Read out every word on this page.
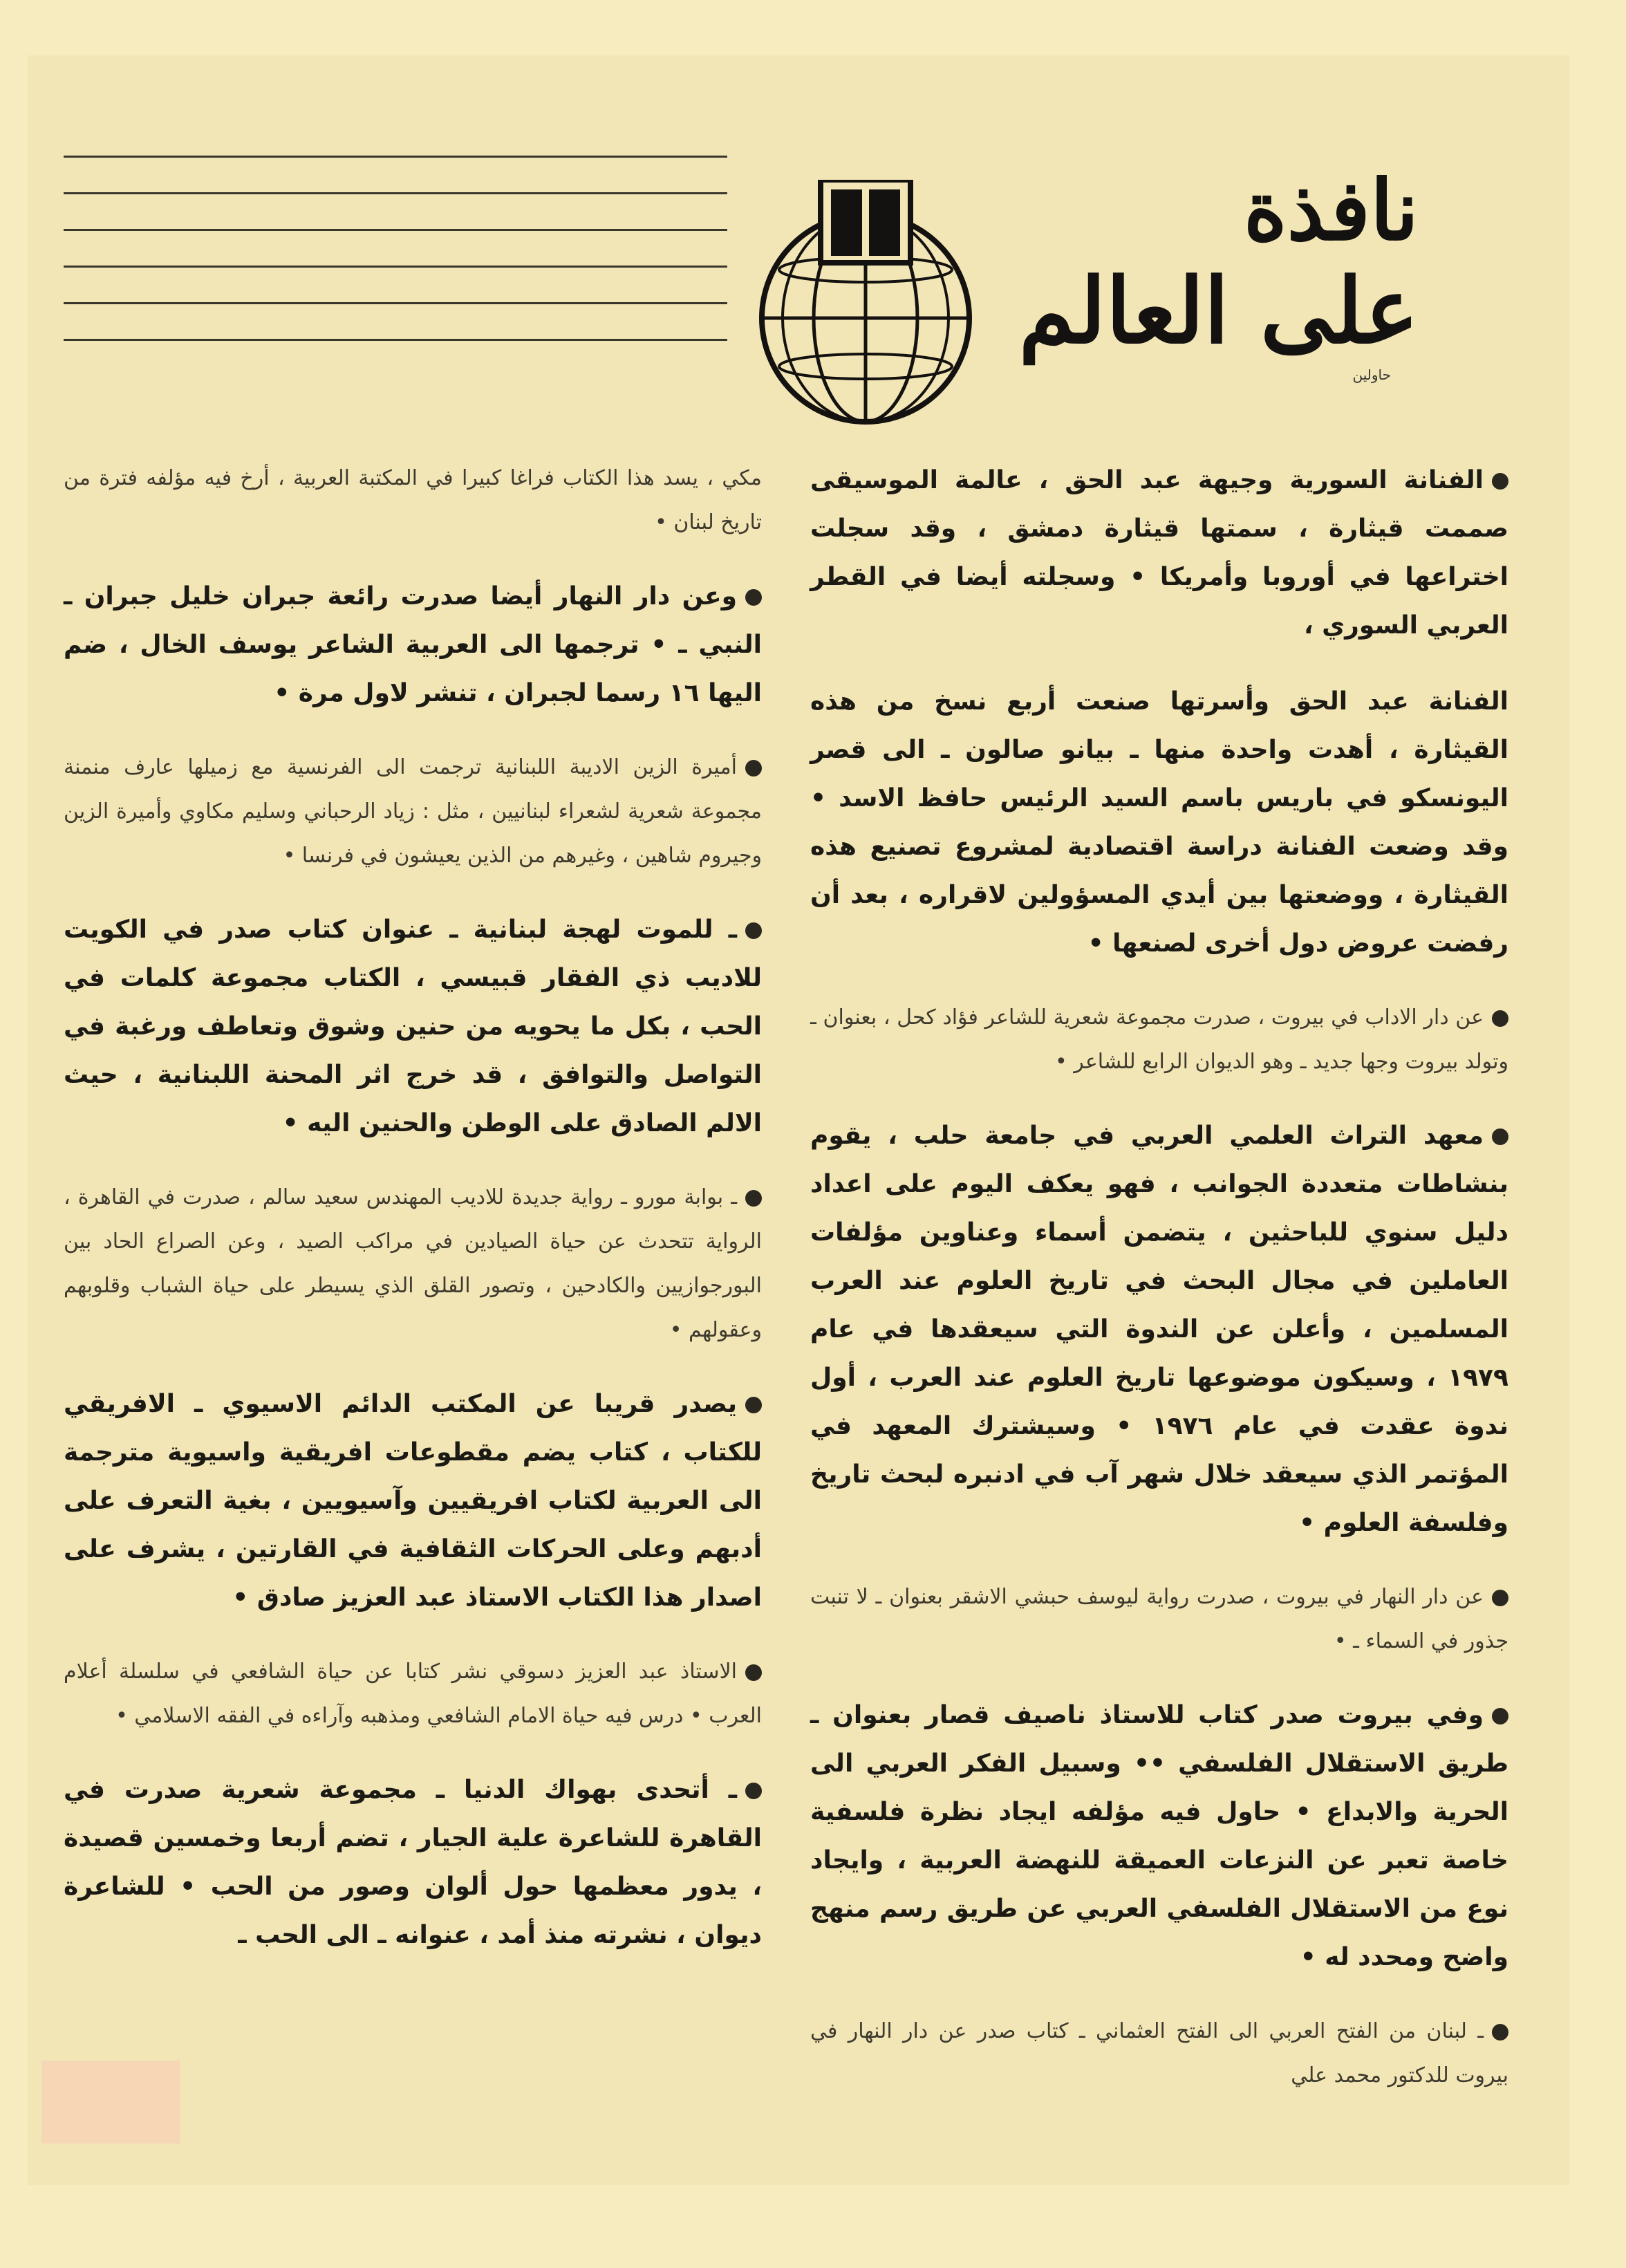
نافذة
على العالم
حاولين

الفنانة السورية وجيهة عبد الحق ، عالمة الموسيقى صممت قيثارة ، سمتها قيثارة دمشق ، وقد سجلت اختراعها في أوروبا وأمريكا • وسجلته أيضا في القطر العربي السوري ،

الفنانة عبد الحق وأسرتها صنعت أربع نسخ من هذه القيثارة ، أهدت واحدة منها ـ بيانو صالون ـ الى قصر اليونسكو في باريس باسم السيد الرئيس حافظ الاسد • وقد وضعت الفنانة دراسة اقتصادية لمشروع تصنيع هذه القيثارة ، ووضعتها بين أيدي المسؤولين لاقراره ، بعد أن رفضت عروض دول أخرى لصنعها •

عن دار الاداب في بيروت ، صدرت مجموعة شعرية للشاعر فؤاد كحل ، بعنوان ـ وتولد بيروت وجها جديد ـ وهو الديوان الرابع للشاعر •

معهد التراث العلمي العربي في جامعة حلب ، يقوم بنشاطات متعددة الجوانب ، فهو يعكف اليوم على اعداد دليل سنوي للباحثين ، يتضمن أسماء وعناوين مؤلفات العاملين في مجال البحث في تاريخ العلوم عند العرب المسلمين ، وأعلن عن الندوة التي سيعقدها في عام ١٩٧٩ ، وسيكون موضوعها تاريخ العلوم عند العرب ، أول ندوة عقدت في عام ١٩٧٦ • وسيشترك المعهد في المؤتمر الذي سيعقد خلال شهر آب في ادنبره لبحث تاريخ وفلسفة العلوم •

عن دار النهار في بيروت ، صدرت رواية ليوسف حبشي الاشقر بعنوان ـ لا تنبت جذور في السماء ـ •

وفي بيروت صدر كتاب للاستاذ ناصيف قصار بعنوان ـ طريق الاستقلال الفلسفي •• وسبيل الفكر العربي الى الحرية والابداع • حاول فيه مؤلفه ايجاد نظرة فلسفية خاصة تعبر عن النزعات العميقة للنهضة العربية ، وايجاد نوع من الاستقلال الفلسفي العربي عن طريق رسم منهج واضح ومحدد له •

ـ لبنان من الفتح العربي الى الفتح العثماني ـ كتاب صدر عن دار النهار في بيروت للدكتور محمد علي

مكي ، يسد هذا الكتاب فراغا كبيرا في المكتبة العربية ، أرخ فيه مؤلفه فترة من تاريخ لبنان •

وعن دار النهار أيضا صدرت رائعة جبران خليل جبران ـ النبي ـ • ترجمها الى العربية الشاعر يوسف الخال ، ضم اليها ١٦ رسما لجبران ، تنشر لاول مرة •

أميرة الزين الاديبة اللبنانية ترجمت الى الفرنسية مع زميلها عارف منمنة مجموعة شعرية لشعراء لبنانيين ، مثل : زياد الرحباني وسليم مكاوي وأميرة الزين وجيروم شاهين ، وغيرهم من الذين يعيشون في فرنسا •

ـ للموت لهجة لبنانية ـ عنوان كتاب صدر في الكويت للاديب ذي الفقار قبيسي ، الكتاب مجموعة كلمات في الحب ، بكل ما يحويه من حنين وشوق وتعاطف ورغبة في التواصل والتوافق ، قد خرج اثر المحنة اللبنانية ، حيث الالم الصادق على الوطن والحنين اليه •

ـ بوابة مورو ـ رواية جديدة للاديب المهندس سعيد سالم ، صدرت في القاهرة ، الرواية تتحدث عن حياة الصيادين في مراكب الصيد ، وعن الصراع الحاد بين البورجوازيين والكادحين ، وتصور القلق الذي يسيطر على حياة الشباب وقلوبهم وعقولهم •

يصدر قريبا عن المكتب الدائم الاسيوي ـ الافريقي للكتاب ، كتاب يضم مقطوعات افريقية واسيوية مترجمة الى العربية لكتاب افريقيين وآسيويين ، بغية التعرف على أدبهم وعلى الحركات الثقافية في القارتين ، يشرف على اصدار هذا الكتاب الاستاذ عبد العزيز صادق •

الاستاذ عبد العزيز دسوقي نشر كتابا عن حياة الشافعي في سلسلة أعلام العرب • درس فيه حياة الامام الشافعي ومذهبه وآراءه في الفقه الاسلامي •

ـ أتحدى بهواك الدنيا ـ مجموعة شعرية صدرت في القاهرة للشاعرة علية الجيار ، تضم أربعا وخمسين قصيدة ، يدور معظمها حول ألوان وصور من الحب • للشاعرة ديوان ، نشرته منذ أمد ، عنوانه ـ الى الحب ـ
